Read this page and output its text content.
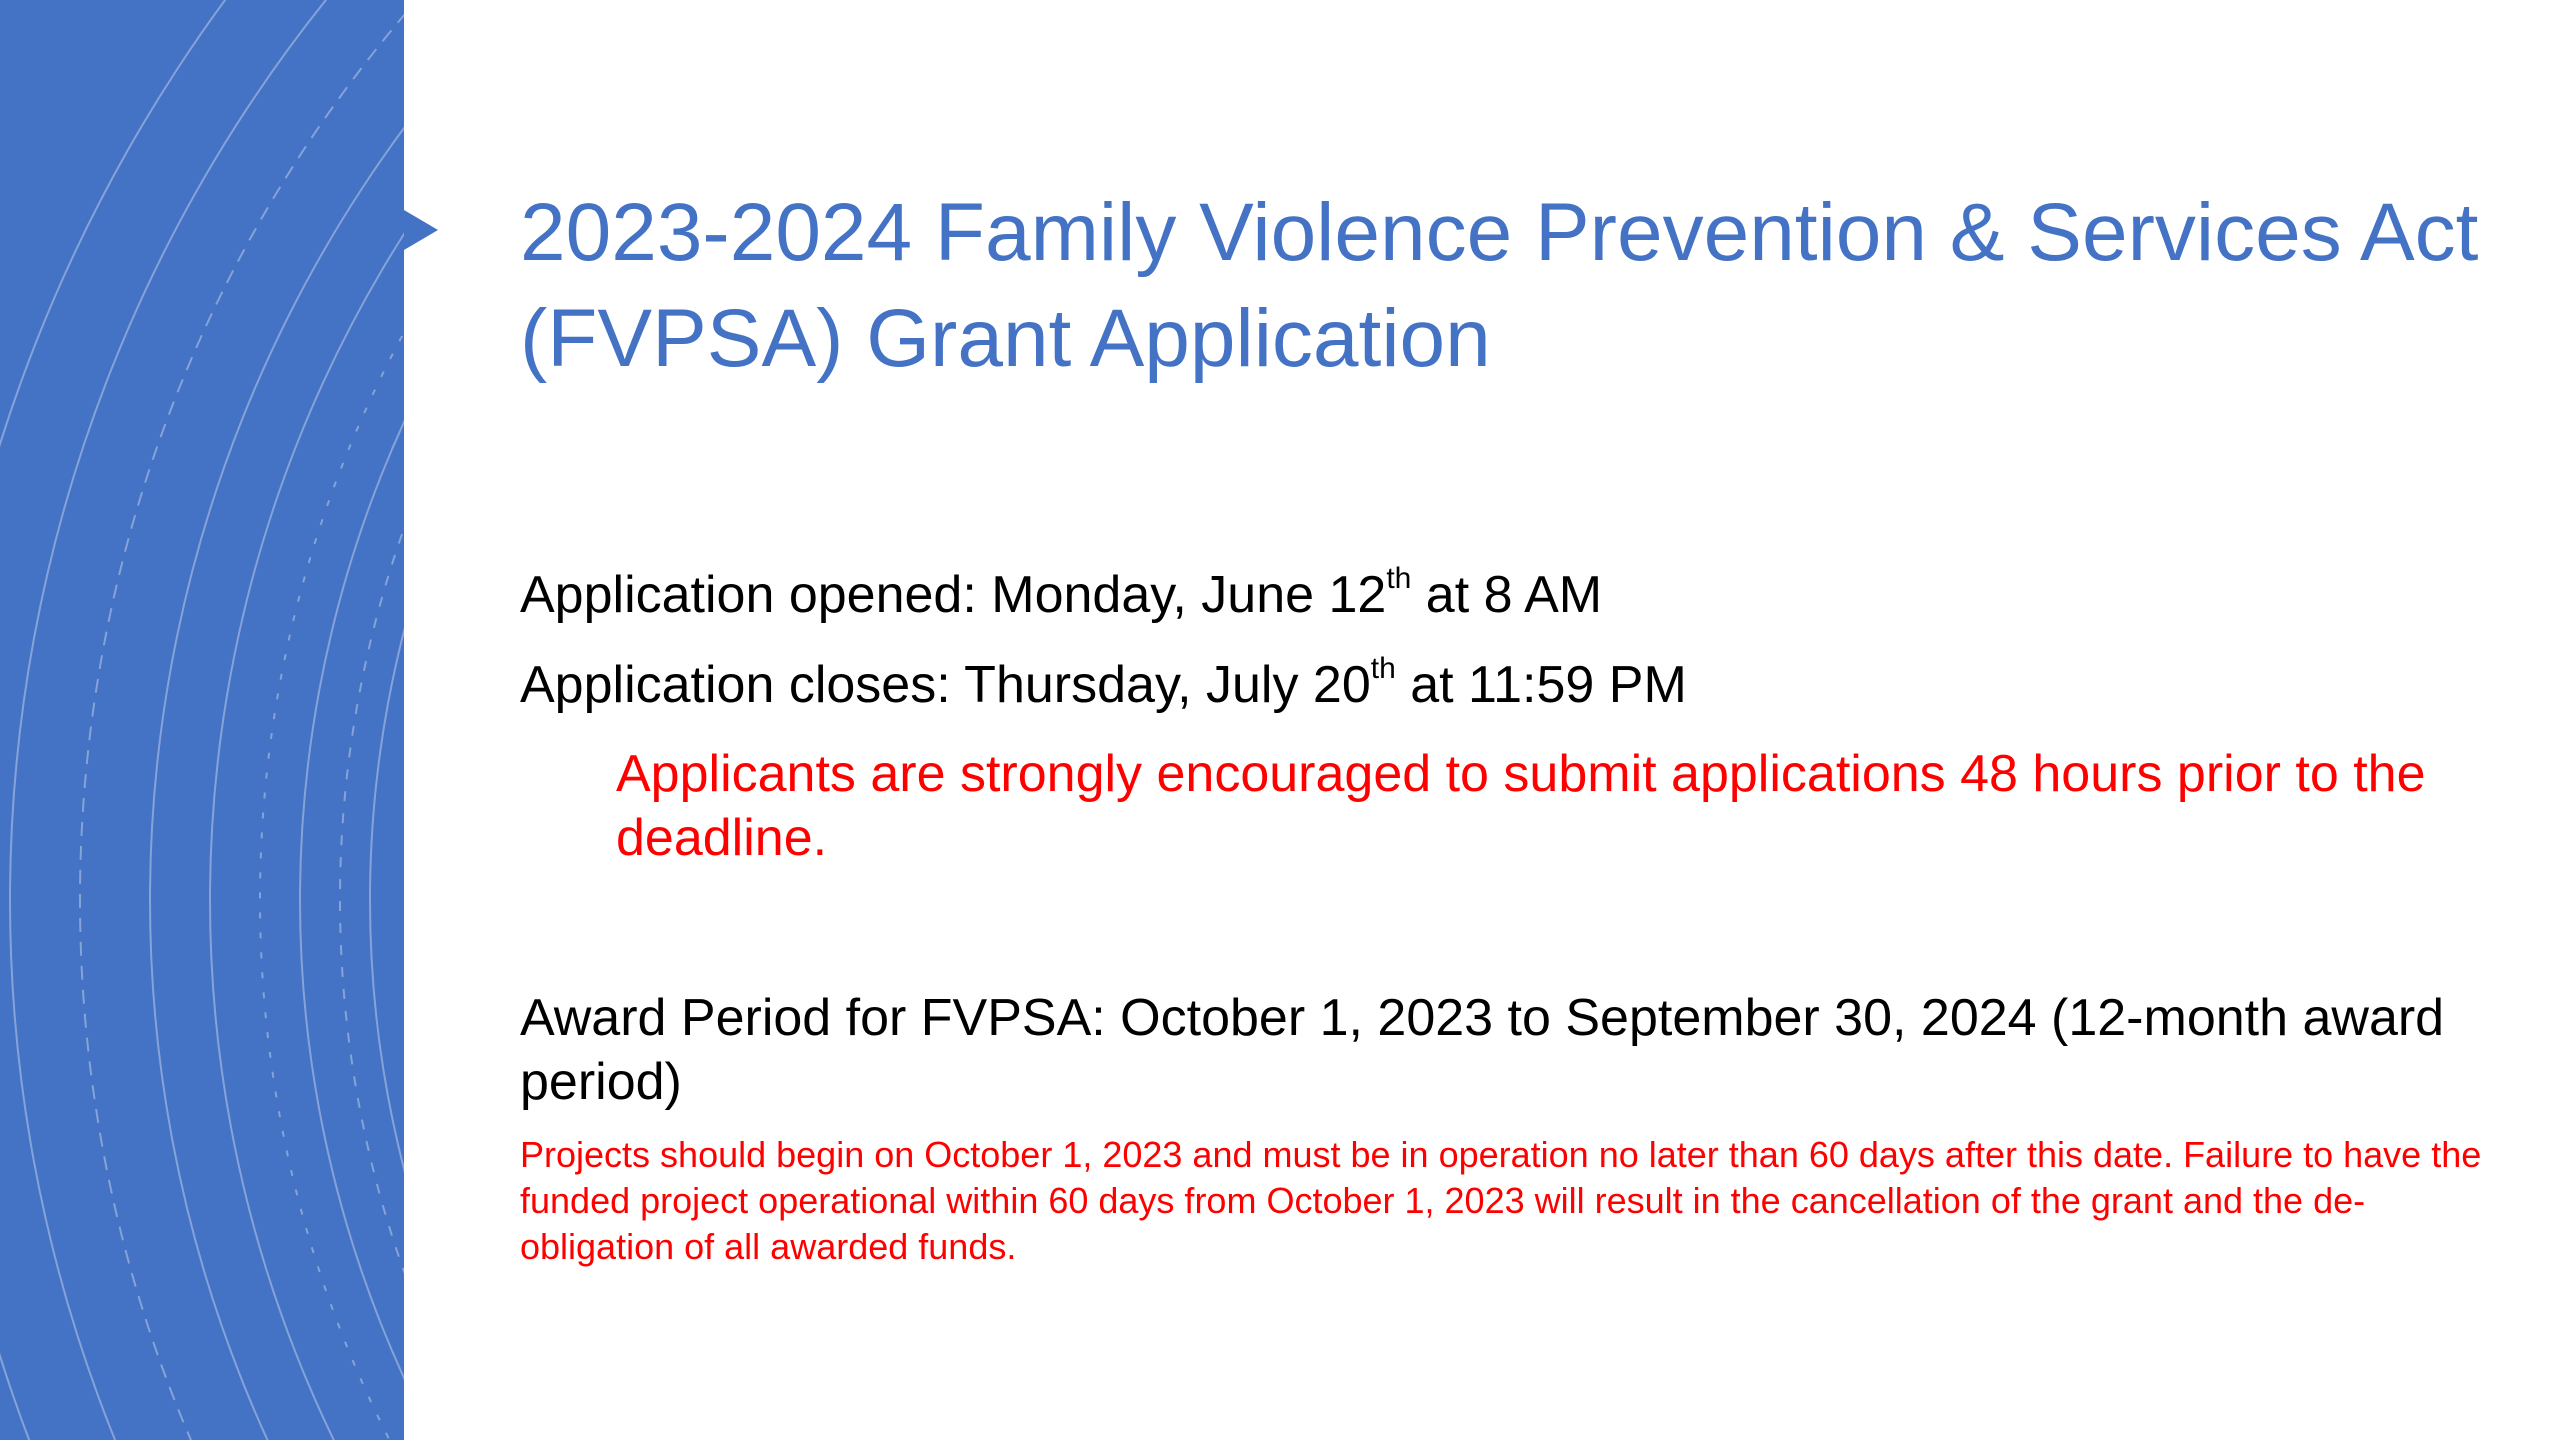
2023-2024 Family Violence Prevention & Services Act (FVPSA) Grant Application

Application opened: Monday, June 12th at 8 AM

Application closes: Thursday, July 20th at 11:59 PM

Applicants are strongly encouraged to submit applications 48 hours prior to the deadline.

Award Period for FVPSA: October 1, 2023 to September 30, 2024 (12-month award period)

Projects should begin on October 1, 2023 and must be in operation no later than 60 days after this date. Failure to have the funded project operational within 60 days from October 1, 2023 will result in the cancellation of the grant and the de-obligation of all awarded funds.
